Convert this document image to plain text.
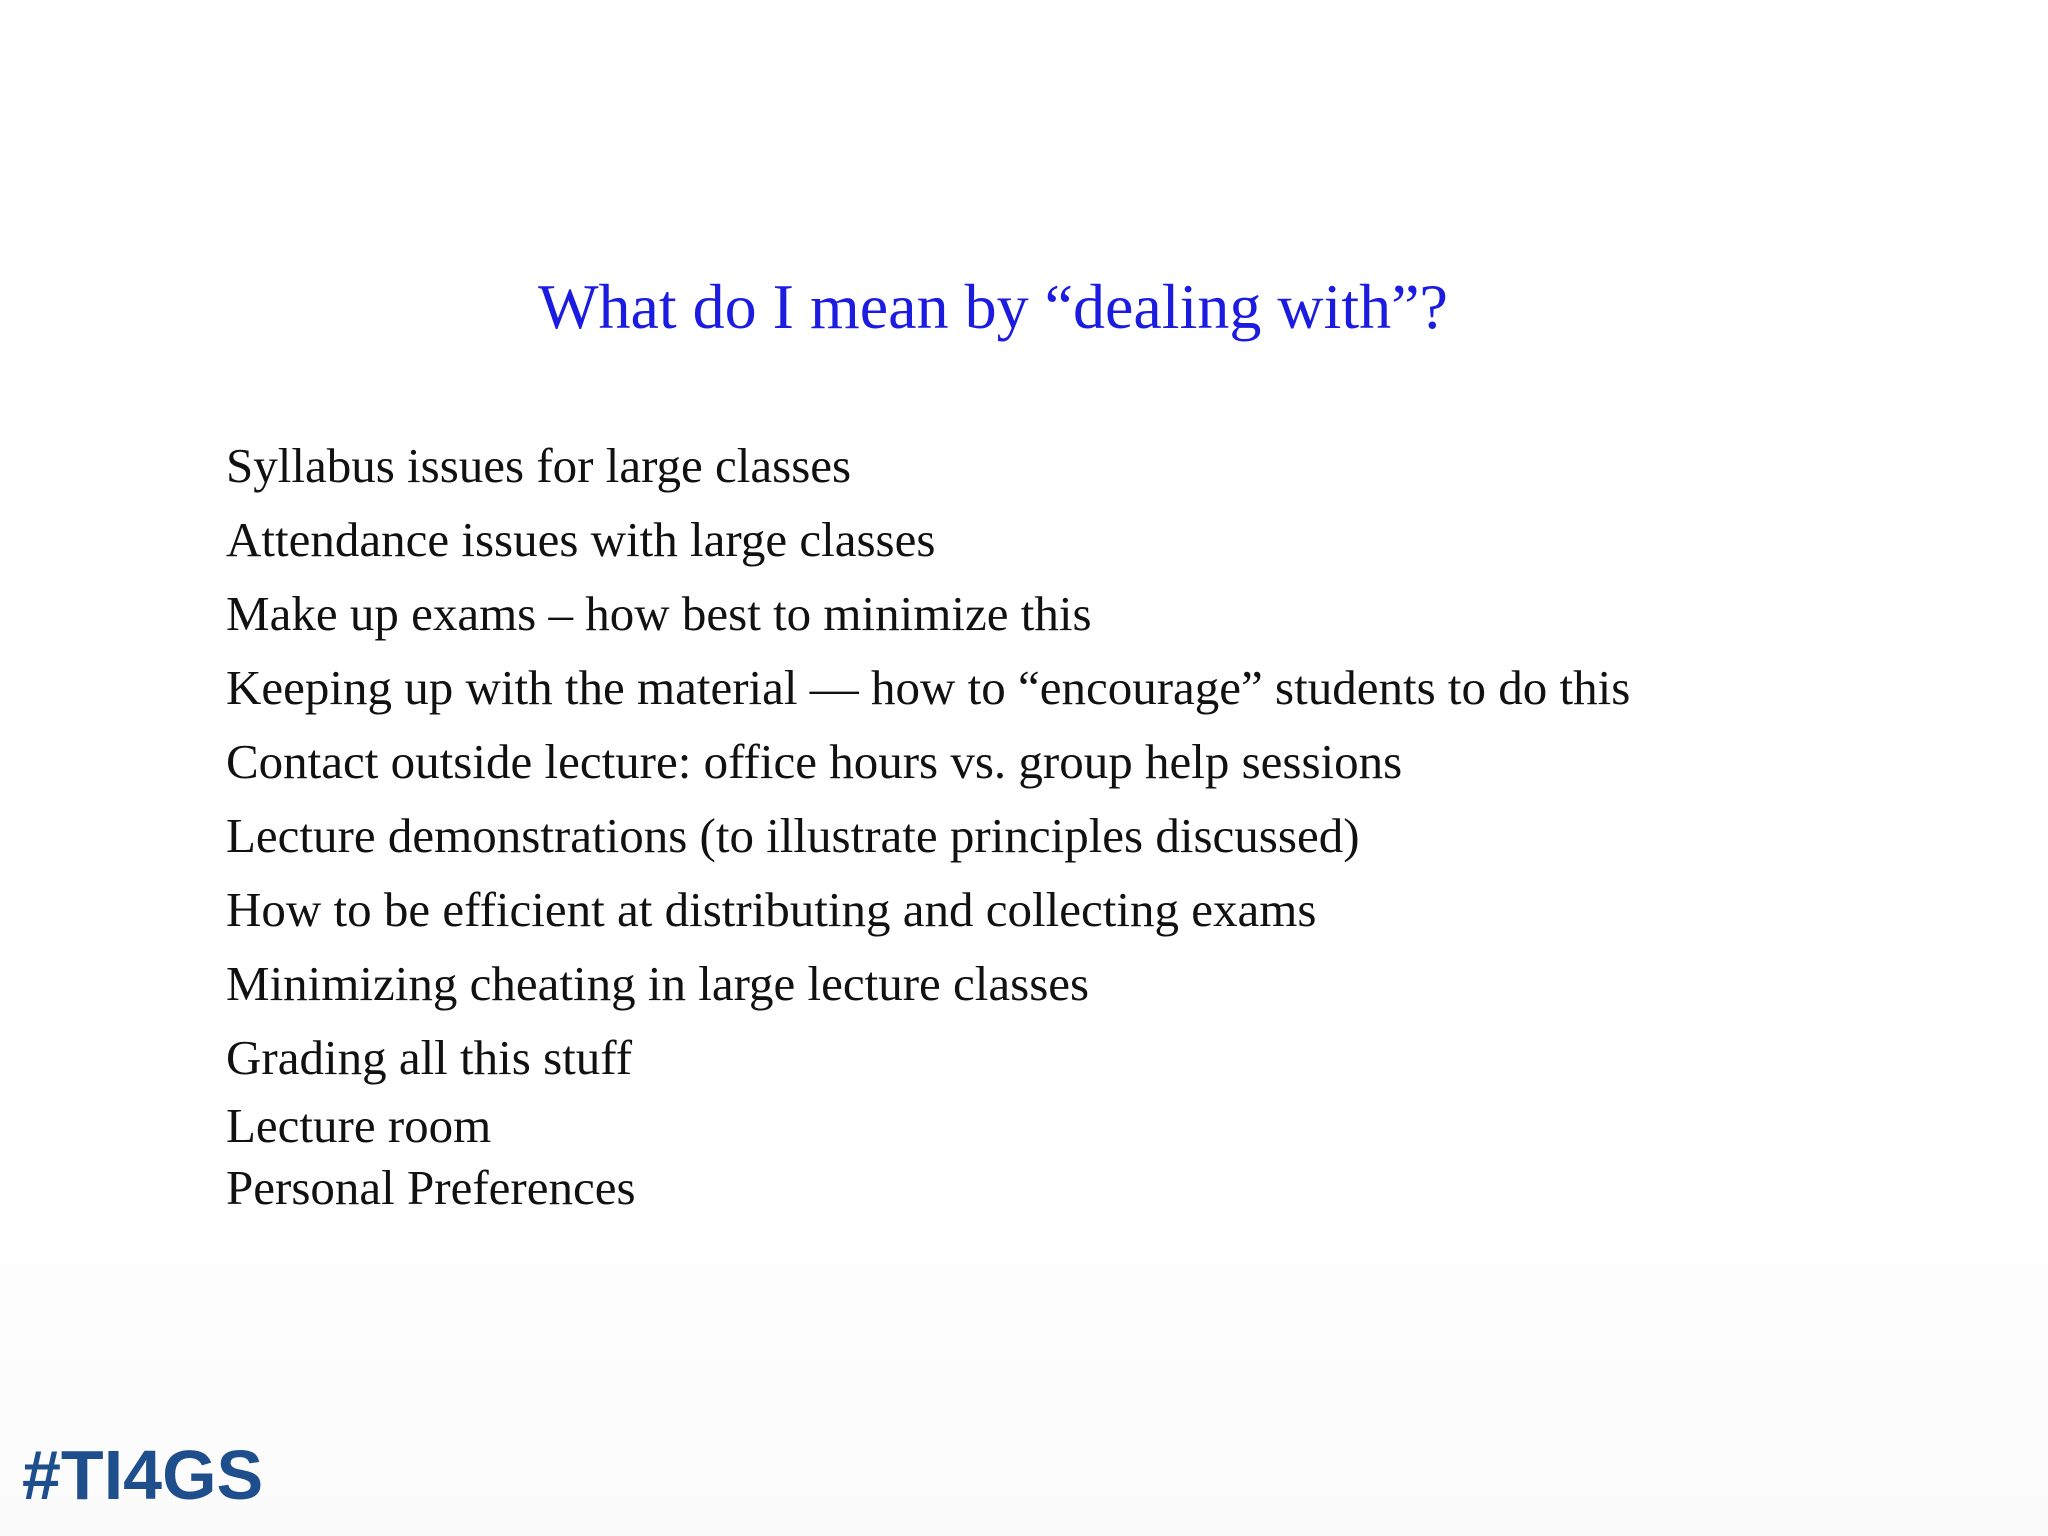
What do I mean by “dealing with”?
Syllabus issues for large classes
Attendance issues with large classes
Make up exams – how best to minimize this
Keeping up with the material — how to “encourage” students to do this
Contact outside lecture: office hours vs. group help sessions
Lecture demonstrations (to illustrate principles discussed)
How to be efficient at distributing and collecting exams
Minimizing cheating in large lecture classes
Grading all this stuff
Lecture room
Personal Preferences
#TI4GS
